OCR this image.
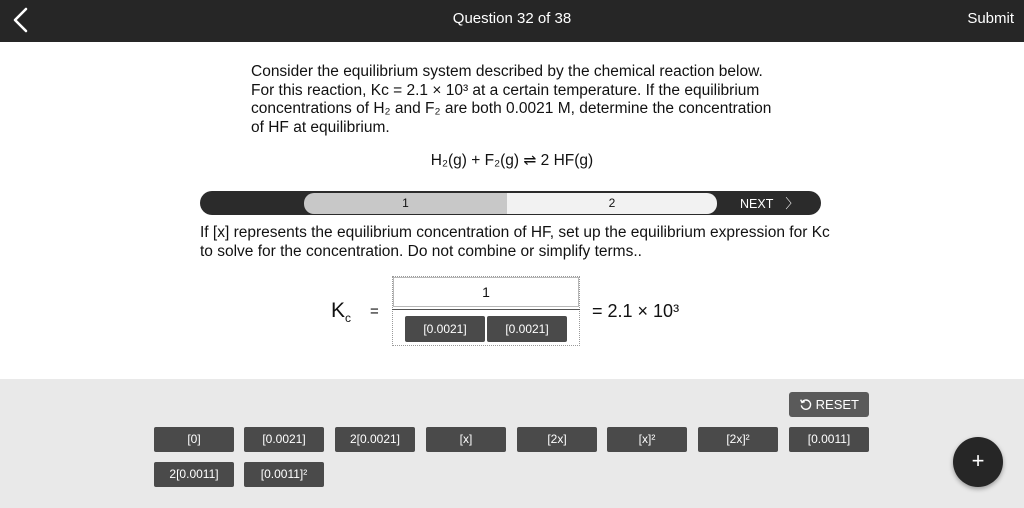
Question 32 of 38	Submit
Consider the equilibrium system described by the chemical reaction below. For this reaction, Kc = 2.1 × 10³ at a certain temperature. If the equilibrium concentrations of H₂ and F₂ are both 0.0021 M, determine the concentration of HF at equilibrium.
H₂(g) + F₂(g) ⇌ 2 HF(g)
1	2	NEXT 〉
If [x] represents the equilibrium concentration of HF, set up the equilibrium expression for Kc to solve for the concentration. Do not combine or simplify terms..
$K_c$ =
1
[0.0021]	[0.0021]
= 2.1 × 10³
RESET
[0]	[0.0021]	2[0.0021]	[x]	[2x]	[x]²	[2x]²	[0.0011]
2[0.0011]	[0.0011]²
+
